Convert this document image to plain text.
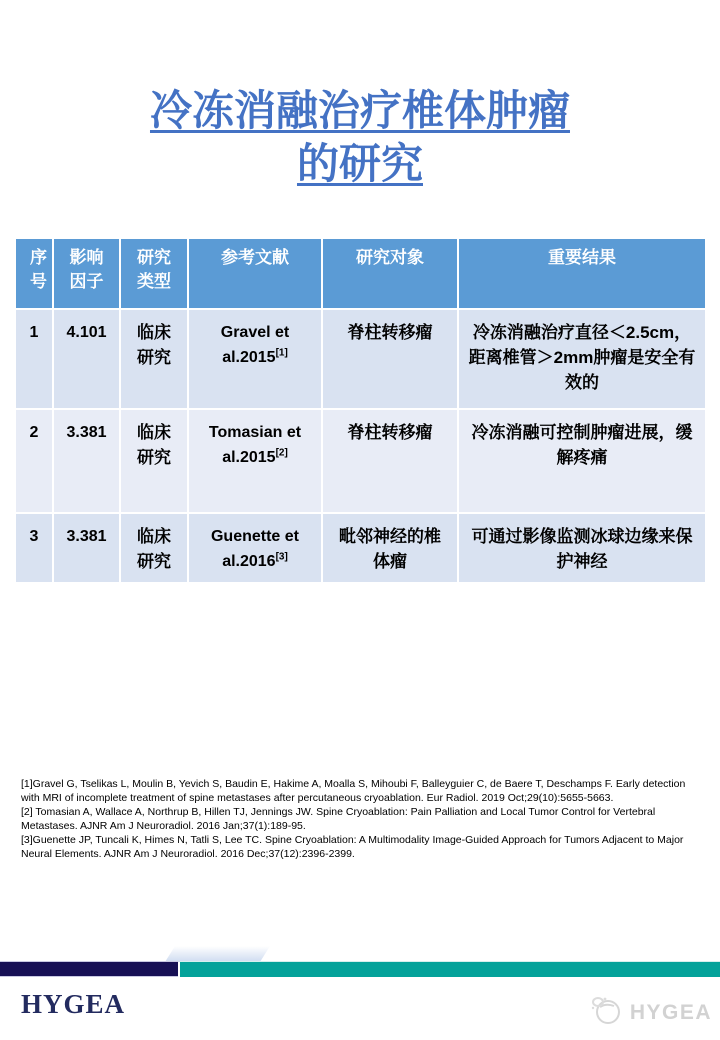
冷冻消融治疗椎体肿瘤
的研究
序号	影响因子	研究类型	参考文献	研究对象	重要结果
1	4.101	临床研究	Gravel et al.2015[1]	脊柱转移瘤	冷冻消融治疗直径＜2.5cm，距离椎管＞2mm肿瘤是安全有效的
2	3.381	临床研究	Tomasian et al.2015[2]	脊柱转移瘤	冷冻消融可控制肿瘤进展，缓解疼痛
3	3.381	临床研究	Guenette et al.2016[3]	毗邻神经的椎体瘤	可通过影像监测冰球边缘来保护神经

[1]Gravel G, Tselikas L, Moulin B, Yevich S, Baudin E, Hakime A, Moalla S, Mihoubi F, Balleyguier C, de Baere T, Deschamps F. Early detection with MRI of incomplete treatment of spine metastases after percutaneous cryoablation. Eur Radiol. 2019 Oct;29(10):5655-5663.

[2] Tomasian A, Wallace A, Northrup B, Hillen TJ, Jennings JW. Spine Cryoablation: Pain Palliation and Local Tumor Control for Vertebral Metastases. AJNR Am J Neuroradiol. 2016 Jan;37(1):189-95.

[3]Guenette JP, Tuncali K, Himes N, Tatli S, Lee TC. Spine Cryoablation: A Multimodality Image-Guided Approach for Tumors Adjacent to Major Neural Elements. AJNR Am J Neuroradiol. 2016 Dec;37(12):2396-2399.

HYGEA	HYGEA
